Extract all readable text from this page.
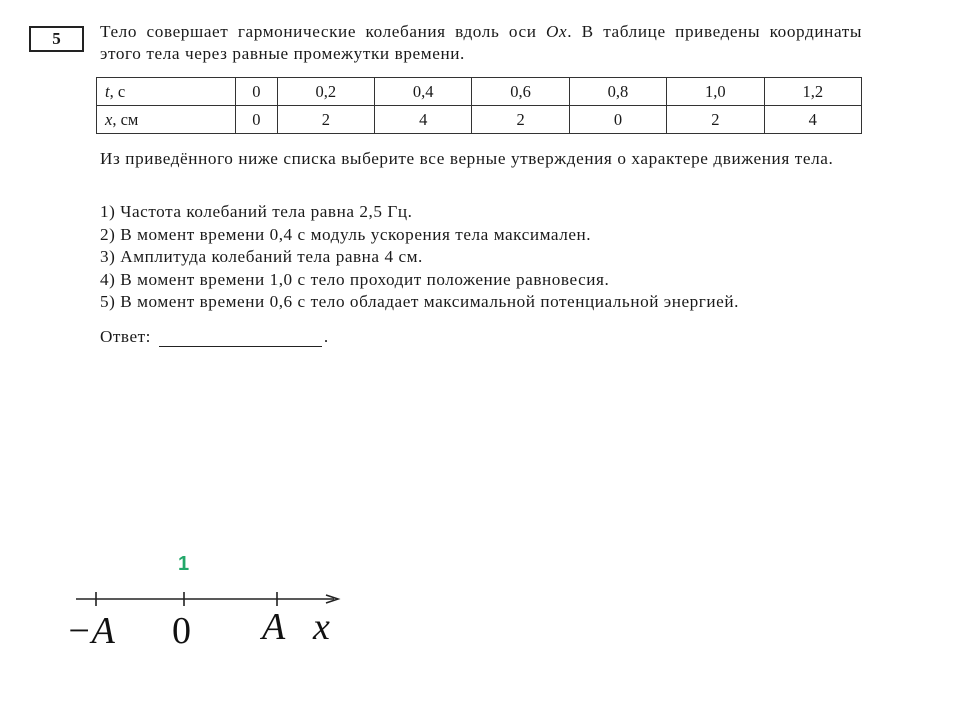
5 Тело совершает гармонические колебания вдоль оси Ox. В таблице приведены координаты этого тела через равные промежутки времени.
t, с	0	0,2	0,4	0,6	0,8	1,0	1,2
x, см	0	2	4	2	0	2	4
Из приведённого ниже списка выберите все верные утверждения о характере движения тела.
1) Частота колебаний тела равна 2,5 Гц.
2) В момент времени 0,4 с модуль ускорения тела максимален.
3) Амплитуда колебаний тела равна 4 см.
4) В момент времени 1,0 с тело проходит положение равновесия.
5) В момент времени 0,6 с тело обладает максимальной потенциальной энергией.
Ответ:	.
1
−A 0 A x
